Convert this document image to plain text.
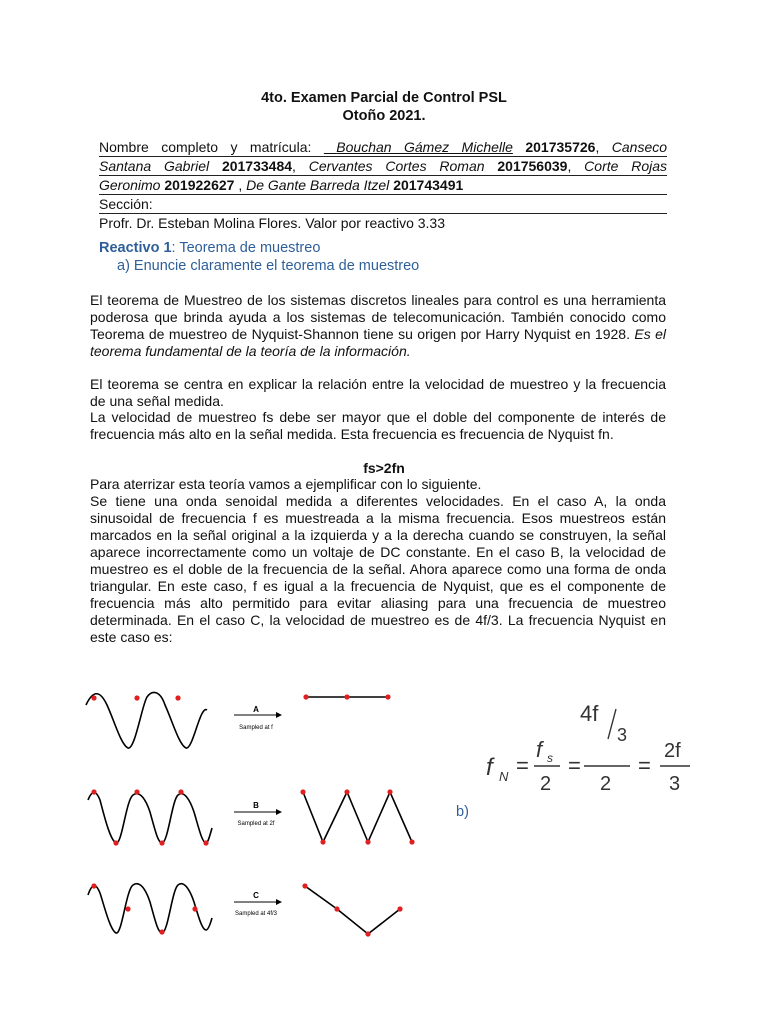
4to. Examen Parcial de Control PSL
Otoño 2021.
Nombre completo y matrícula:  Bouchan Gámez Michelle 201735726, Canseco
Santana Gabriel 201733484, Cervantes Cortes Roman 201756039, Corte Rojas
Geronimo 201922627 , De Gante Barreda Itzel 201743491
Sección:
Profr. Dr. Esteban Molina Flores. Valor por reactivo 3.33
Reactivo 1: Teorema de muestreo
a) Enuncie claramente el teorema de muestreo
El teorema de Muestreo de los sistemas discretos lineales para control es una herramienta poderosa que brinda ayuda a los sistemas de telecomunicación. También conocido como Teorema de muestreo de Nyquist-Shannon tiene su origen por Harry Nyquist en 1928. Es el teorema fundamental de la teoría de la información.
El teorema se centra en explicar la relación entre la velocidad de muestreo y la frecuencia de una señal medida.
La velocidad de muestreo fs debe ser mayor que el doble del componente de interés de frecuencia más alto en la señal medida. Esta frecuencia es frecuencia de Nyquist fn.
fs>2fn
Para aterrizar esta teoría vamos a ejemplificar con lo siguiente.
Se tiene una onda senoidal medida a diferentes velocidades. En el caso A, la onda sinusoidal de frecuencia f es muestreada a la misma frecuencia. Esos muestreos están marcados en la señal original a la izquierda y a la derecha cuando se construyen, la señal aparece incorrectamente como un voltaje de DC constante. En el caso B, la velocidad de muestreo es el doble de la frecuencia de la señal. Ahora aparece como una forma de onda triangular. En este caso, f es igual a la frecuencia de Nyquist, que es el componente de frecuencia más alto permitido para evitar aliasing para una frecuencia de muestreo determinada. En el caso C, la velocidad de muestreo es de 4f/3. La frecuencia Nyquist en este caso es:
A
Sampled at f
B
Sampled at 2f
C
Sampled at 4f/3
f N =
f s
2
=
4f
3
2
=
2f
3
b)
